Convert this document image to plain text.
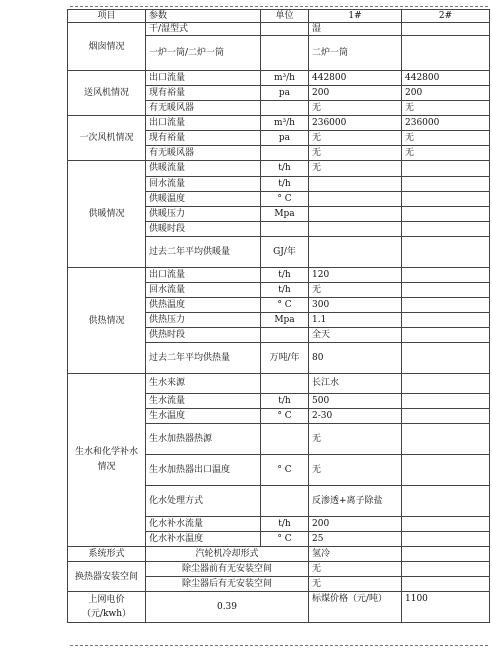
项目	参数	单位	1#	2#
烟囱情况	干/湿型式		湿	
	一炉一筒/二炉一筒		二炉一筒	
送风机情况	出口流量	m³/h	442800	442800
	现有裕量	pa	200	200
	有无暖风器		无	无
一次风机情况	出口流量	m³/h	236000	236000
	现有裕量	pa	无	无
	有无暖风器		无	无
供暖情况	供暖流量	t/h	无	
	回水流量	t/h		
	供暖温度	° C		
	供暖压力	Mpa		
	供暖时段			
	过去二年平均供暖量	GJ/年		
供热情况	出口流量	t/h	120	
	回水流量	t/h	无	
	供热温度	° C	300	
	供热压力	Mpa	1.1	
	供热时段		全天	
	过去二年平均供热量	万吨/年	80	
生水和化学补水情况	生水来源		长江水	
	生水流量	t/h	500	
	生水温度	° C	2-30	
	生水加热器热源		无	
	生水加热器出口温度	° C	无	
	化水处理方式		反渗透+离子除盐	
	化水补水流量	t/h	200	
	化水补水温度	° C	25	
系统形式	汽轮机冷却形式		氢冷	
换热器安装空间	除尘器前有无安装空间		无	
	除尘器后有无安装空间		无	
上网电价（元/kwh）	0.39		标煤价格（元/吨）	1100
